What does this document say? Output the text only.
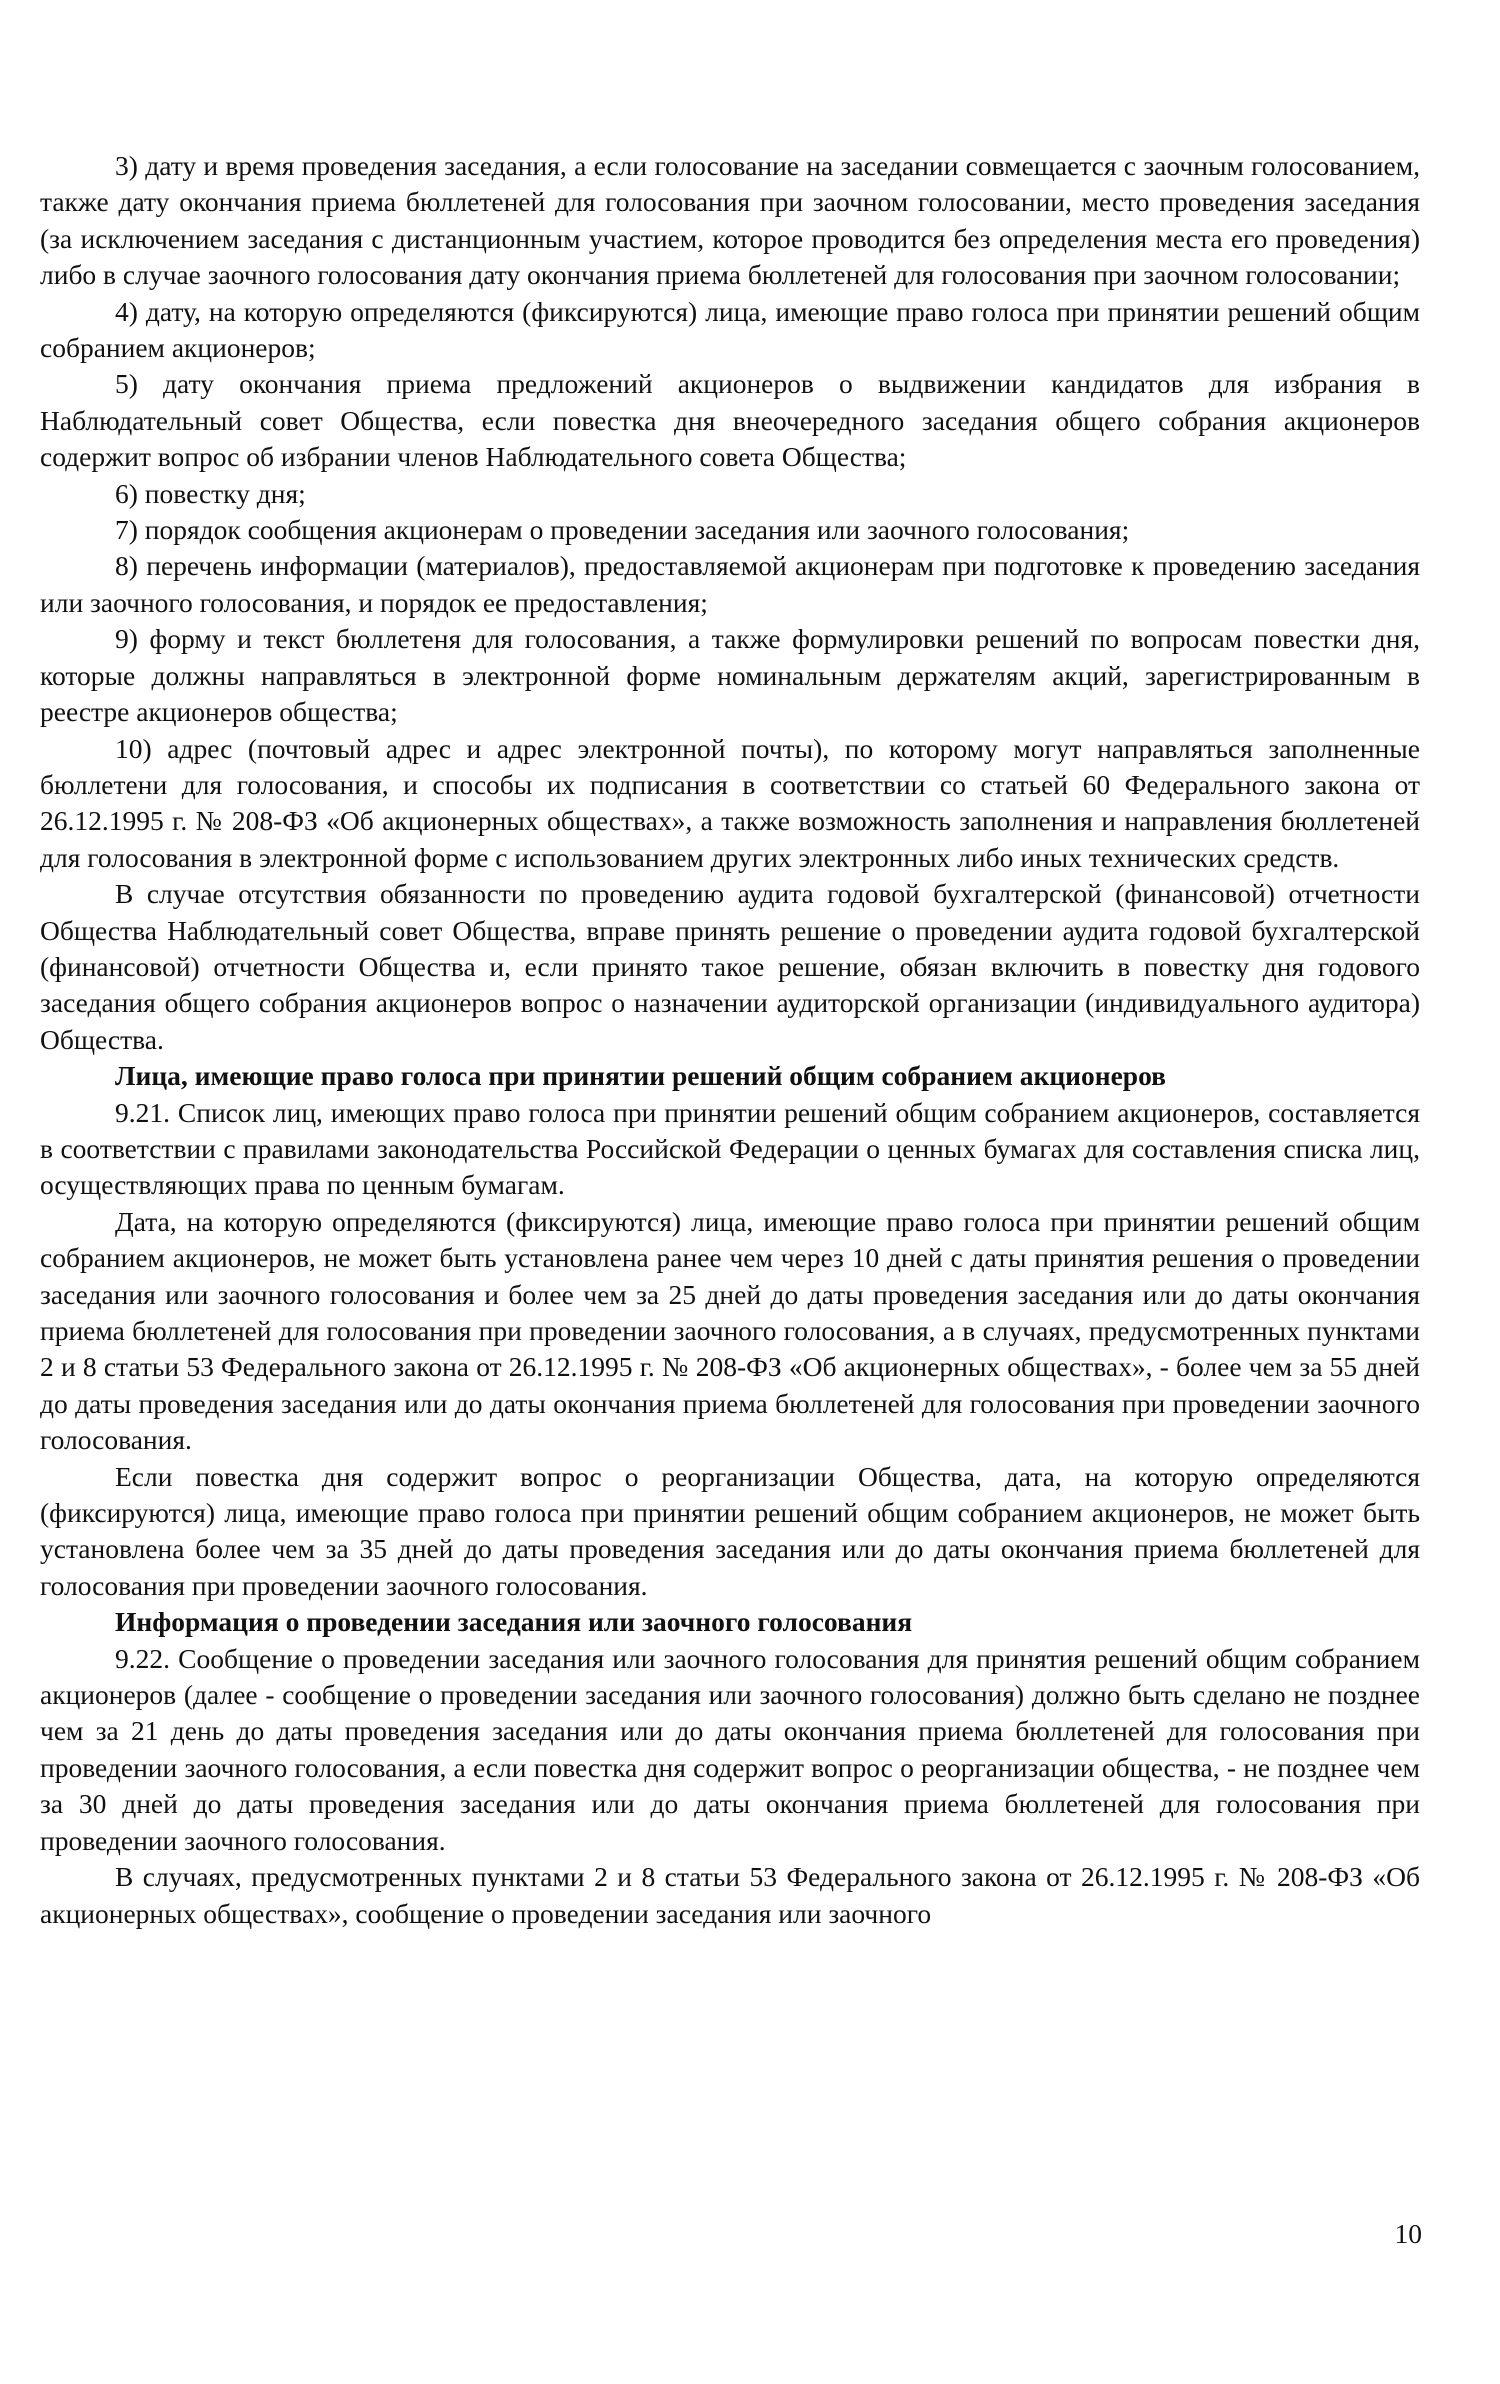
3) дату и время проведения заседания, а если голосование на заседании совмещается с заочным голосованием, также дату окончания приема бюллетеней для голосования при заочном голосовании, место проведения заседания (за исключением заседания с дистанционным участием, которое проводится без определения места его проведения) либо в случае заочного голосования дату окончания приема бюллетеней для голосования при заочном голосовании;

4) дату, на которую определяются (фиксируются) лица, имеющие право голоса при принятии решений общим собранием акционеров;

5) дату окончания приема предложений акционеров о выдвижении кандидатов для избрания в Наблюдательный совет Общества, если повестка дня внеочередного заседания общего собрания акционеров содержит вопрос об избрании членов Наблюдательного совета Общества;

6) повестку дня;

7) порядок сообщения акционерам о проведении заседания или заочного голосования;

8) перечень информации (материалов), предоставляемой акционерам при подготовке к проведению заседания или заочного голосования, и порядок ее предоставления;

9) форму и текст бюллетеня для голосования, а также формулировки решений по вопросам повестки дня, которые должны направляться в электронной форме номинальным держателям акций, зарегистрированным в реестре акционеров общества;

10) адрес (почтовый адрес и адрес электронной почты), по которому могут направляться заполненные бюллетени для голосования, и способы их подписания в соответствии со статьей 60 Федерального закона от 26.12.1995 г. № 208-ФЗ «Об акционерных обществах», а также возможность заполнения и направления бюллетеней для голосования в электронной форме с использованием других электронных либо иных технических средств.

В случае отсутствия обязанности по проведению аудита годовой бухгалтерской (финансовой) отчетности Общества Наблюдательный совет Общества, вправе принять решение о проведении аудита годовой бухгалтерской (финансовой) отчетности Общества и, если принято такое решение, обязан включить в повестку дня годового заседания общего собрания акционеров вопрос о назначении аудиторской организации (индивидуального аудитора) Общества.

Лица, имеющие право голоса при принятии решений общим собранием акционеров

9.21. Список лиц, имеющих право голоса при принятии решений общим собранием акционеров, составляется в соответствии с правилами законодательства Российской Федерации о ценных бумагах для составления списка лиц, осуществляющих права по ценным бумагам.

Дата, на которую определяются (фиксируются) лица, имеющие право голоса при принятии решений общим собранием акционеров, не может быть установлена ранее чем через 10 дней с даты принятия решения о проведении заседания или заочного голосования и более чем за 25 дней до даты проведения заседания или до даты окончания приема бюллетеней для голосования при проведении заочного голосования, а в случаях, предусмотренных пунктами 2 и 8 статьи 53 Федерального закона от 26.12.1995 г. № 208-ФЗ «Об акционерных обществах», - более чем за 55 дней до даты проведения заседания или до даты окончания приема бюллетеней для голосования при проведении заочного голосования.

Если повестка дня содержит вопрос о реорганизации Общества, дата, на которую определяются (фиксируются) лица, имеющие право голоса при принятии решений общим собранием акционеров, не может быть установлена более чем за 35 дней до даты проведения заседания или до даты окончания приема бюллетеней для голосования при проведении заочного голосования.

Информация о проведении заседания или заочного голосования

9.22. Сообщение о проведении заседания или заочного голосования для принятия решений общим собранием акционеров (далее - сообщение о проведении заседания или заочного голосования) должно быть сделано не позднее чем за 21 день до даты проведения заседания или до даты окончания приема бюллетеней для голосования при проведении заочного голосования, а если повестка дня содержит вопрос о реорганизации общества, - не позднее чем за 30 дней до даты проведения заседания или до даты окончания приема бюллетеней для голосования при проведении заочного голосования.

В случаях, предусмотренных пунктами 2 и 8 статьи 53 Федерального закона от 26.12.1995 г. № 208-ФЗ «Об акционерных обществах», сообщение о проведении заседания или заочного

10
